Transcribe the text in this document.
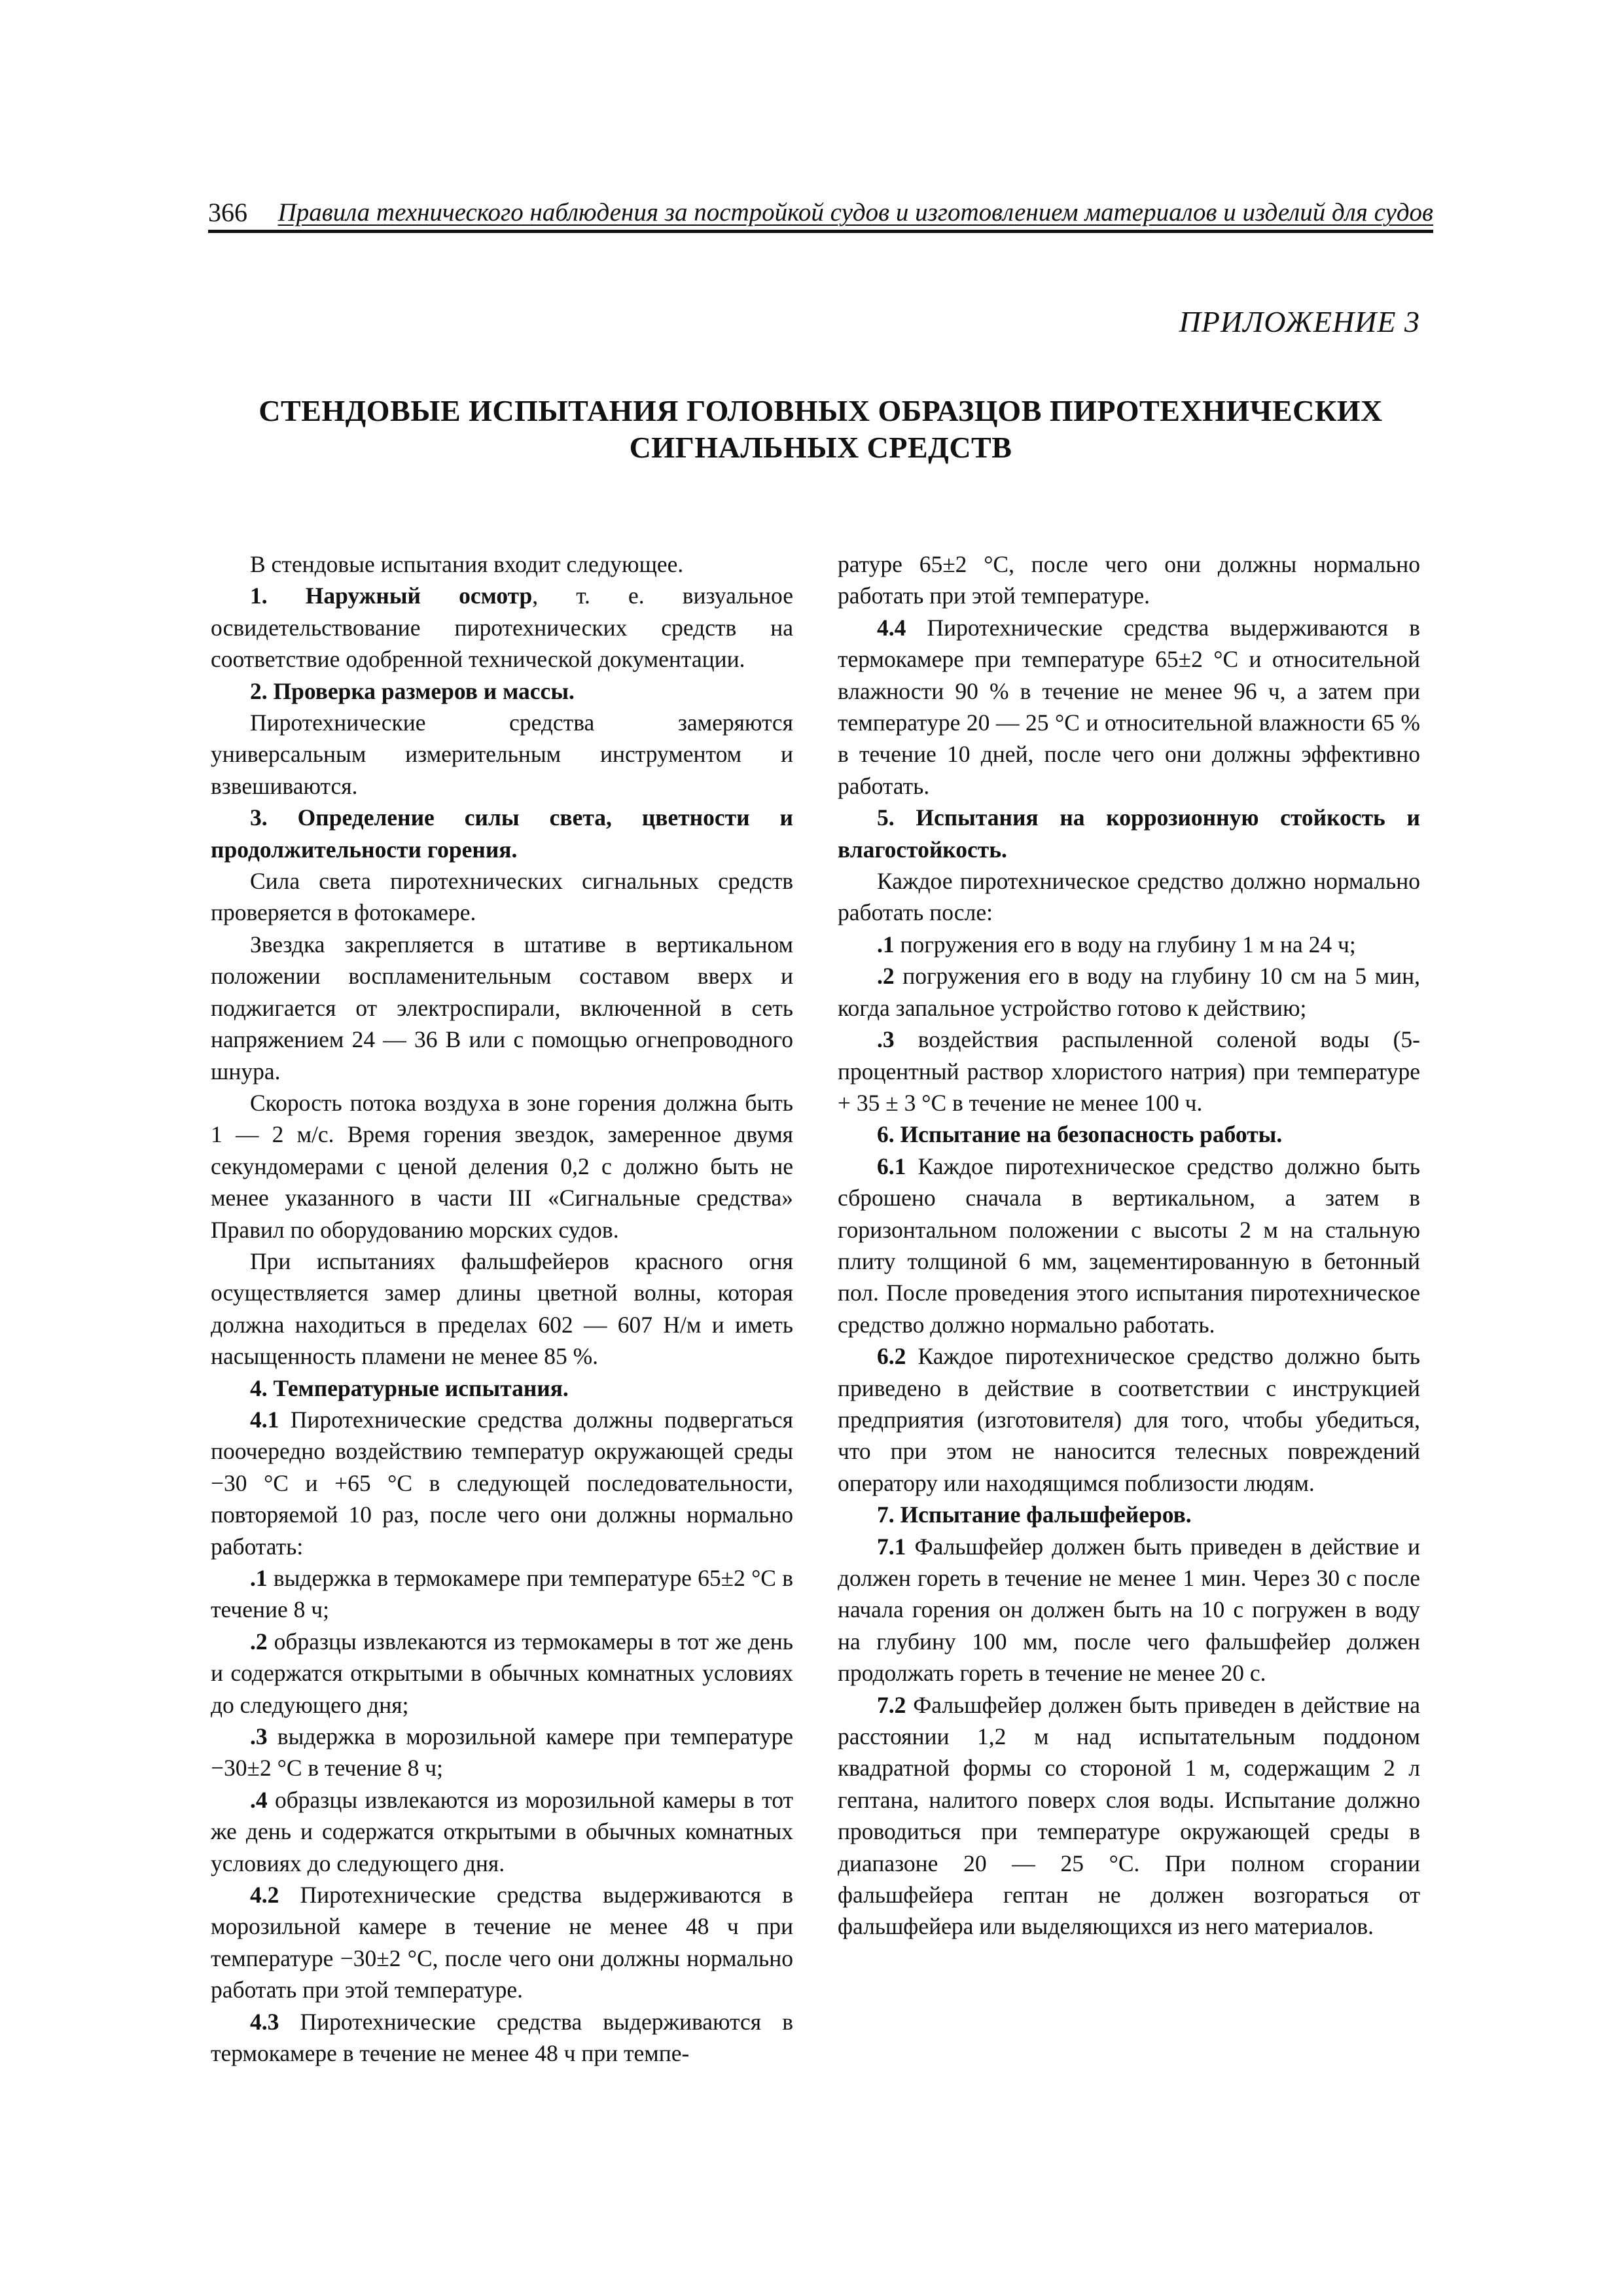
366 Правила технического наблюдения за постройкой судов и изготовлением материалов и изделий для судов
ПРИЛОЖЕНИЕ 3
СТЕНДОВЫЕ ИСПЫТАНИЯ ГОЛОВНЫХ ОБРАЗЦОВ ПИРОТЕХНИЧЕСКИХ
СИГНАЛЬНЫХ СРЕДСТВ

В стендовые испытания входит следующее.

1. Наружный осмотр, т. е. визуальное освидетельствование пиротехнических средств на соответствие одобренной технической документации.

2. Проверка размеров и массы.

Пиротехнические средства замеряются универсальным измерительным инструментом и взвешиваются.

3. Определение силы света, цветности и продолжительности горения.

Сила света пиротехнических сигнальных средств проверяется в фотокамере.

Звездка закрепляется в штативе в вертикальном положении воспламенительным составом вверх и поджигается от электроспирали, включенной в сеть напряжением 24 — 36 В или с помощью огнепроводного шнура.

Скорость потока воздуха в зоне горения должна быть 1 — 2 м/с. Время горения звездок, замеренное двумя секундомерами с ценой деления 0,2 с должно быть не менее указанного в части III «Сигнальные средства» Правил по оборудованию морских судов.

При испытаниях фальшфейеров красного огня осуществляется замер длины цветной волны, которая должна находиться в пределах 602 — 607 Н/м и иметь насыщенность пламени не менее 85 %.

4. Температурные испытания.

4.1 Пиротехнические средства должны подвергаться поочередно воздействию температур окружающей среды −30 °С и +65 °С в следующей последовательности, повторяемой 10 раз, после чего они должны нормально работать:

.1 выдержка в термокамере при температуре 65±2 °С в течение 8 ч;

.2 образцы извлекаются из термокамеры в тот же день и содержатся открытыми в обычных комнатных условиях до следующего дня;

.3 выдержка в морозильной камере при температуре −30±2 °С в течение 8 ч;

.4 образцы извлекаются из морозильной камеры в тот же день и содержатся открытыми в обычных комнатных условиях до следующего дня.

4.2 Пиротехнические средства выдерживаются в морозильной камере в течение не менее 48 ч при температуре −30±2 °С, после чего они должны нормально работать при этой температуре.

4.3 Пиротехнические средства выдерживаются в термокамере в течение не менее 48 ч при темпе-

ратуре 65±2 °С, после чего они должны нормально работать при этой температуре.

4.4 Пиротехнические средства выдерживаются в термокамере при температуре 65±2 °С и относительной влажности 90 % в течение не менее 96 ч, а затем при температуре 20 — 25 °С и относительной влажности 65 % в течение 10 дней, после чего они должны эффективно работать.

5. Испытания на коррозионную стойкость и влагостойкость.

Каждое пиротехническое средство должно нормально работать после:

.1 погружения его в воду на глубину 1 м на 24 ч;

.2 погружения его в воду на глубину 10 см на 5 мин, когда запальное устройство готово к действию;

.3 воздействия распыленной соленой воды (5-процентный раствор хлористого натрия) при температуре + 35 ± 3 °С в течение не менее 100 ч.

6. Испытание на безопасность работы.

6.1 Каждое пиротехническое средство должно быть сброшено сначала в вертикальном, а затем в горизонтальном положении с высоты 2 м на стальную плиту толщиной 6 мм, зацементированную в бетонный пол. После проведения этого испытания пиротехническое средство должно нормально работать.

6.2 Каждое пиротехническое средство должно быть приведено в действие в соответствии с инструкцией предприятия (изготовителя) для того, чтобы убедиться, что при этом не наносится телесных повреждений оператору или находящимся поблизости людям.

7. Испытание фальшфейеров.

7.1 Фальшфейер должен быть приведен в действие и должен гореть в течение не менее 1 мин. Через 30 с после начала горения он должен быть на 10 с погружен в воду на глубину 100 мм, после чего фальшфейер должен продолжать гореть в течение не менее 20 с.

7.2 Фальшфейер должен быть приведен в действие на расстоянии 1,2 м над испытательным поддоном квадратной формы со стороной 1 м, содержащим 2 л гептана, налитого поверх слоя воды. Испытание должно проводиться при температуре окружающей среды в диапазоне 20 — 25 °С. При полном сгорании фальшфейера гептан не должен возгораться от фальшфейера или выделяющихся из него материалов.
